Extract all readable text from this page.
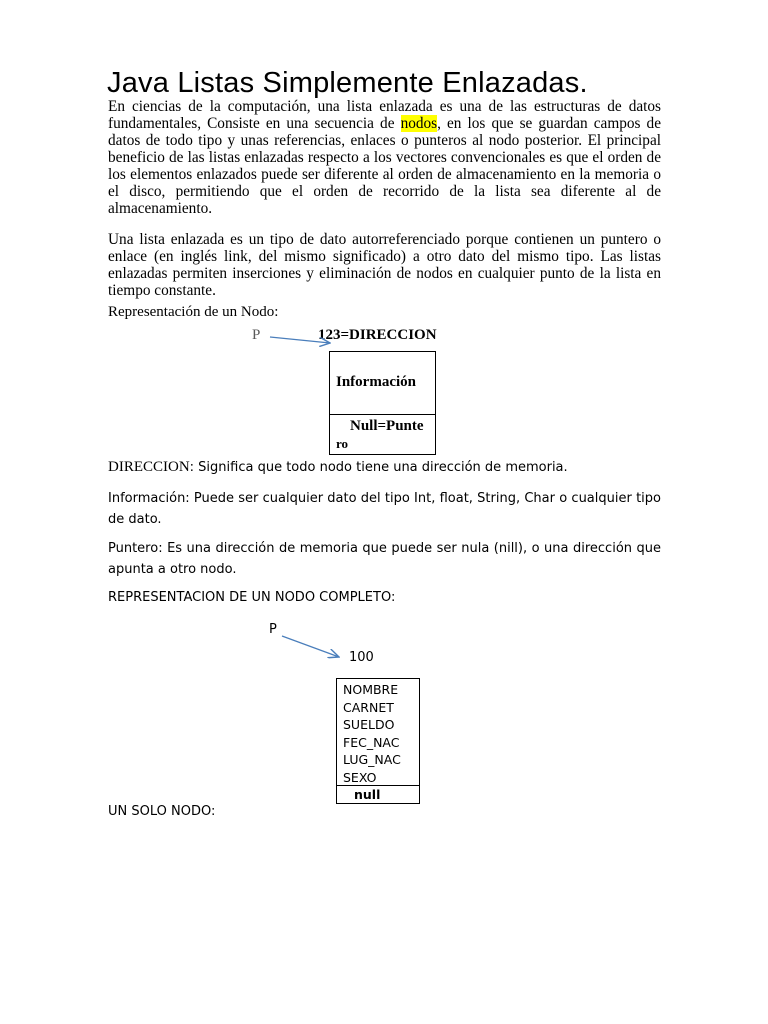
Java Listas Simplemente Enlazadas.

En ciencias de la computación, una lista enlazada es una de las estructuras de datos fundamentales, Consiste en una secuencia de nodos, en los que se guardan campos de datos de todo tipo y unas referencias, enlaces o punteros al nodo posterior. El principal beneficio de las listas enlazadas respecto a los vectores convencionales es que el orden de los elementos enlazados puede ser diferente al orden de almacenamiento en la memoria o el disco, permitiendo que el orden de recorrido de la lista sea diferente al de almacenamiento.

Una lista enlazada es un tipo de dato autorreferenciado porque contienen un puntero o enlace (en inglés link, del mismo significado) a otro dato del mismo tipo. Las listas enlazadas permiten inserciones y eliminación de nodos en cualquier punto de la lista en tiempo constante.

Representación de un Nodo:
P	123=DIRECCION
Información
Null=Punte
ro

DIRECCION: Significa que todo nodo tiene una dirección de memoria.

Información: Puede ser cualquier dato del tipo Int, float, String, Char o cualquier tipo de dato.

Puntero: Es una dirección de memoria que puede ser nula (nill), o una dirección que apunta a otro nodo.

REPRESENTACION DE UN NODO COMPLETO:
P
100
NOMBRE
CARNET
SUELDO
FEC_NAC
LUG_NAC
SEXO
null
UN SOLO NODO:
